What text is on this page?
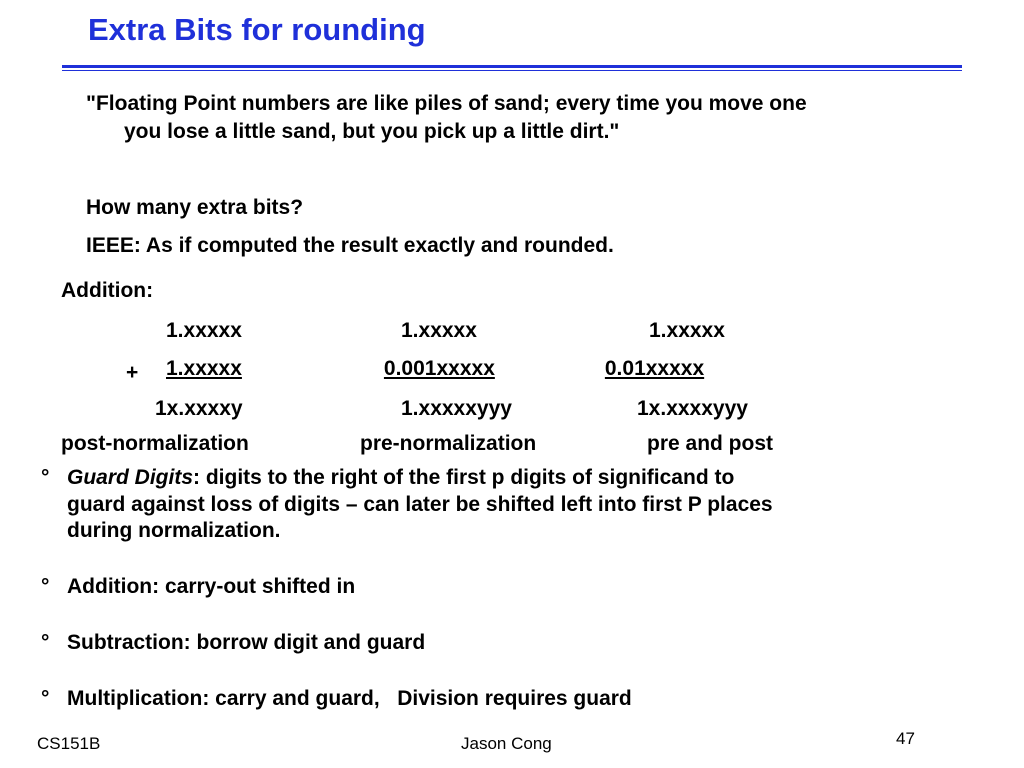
Extra Bits for rounding
"Floating Point numbers are like piles of sand; every time you move one
you lose a little sand, but you pick up a little dirt."
How many extra bits?
IEEE: As if computed the result exactly and rounded.
Addition:
1.xxxxx	1.xxxxx	1.xxxxx
+ 1.xxxxx	0.001xxxxx	0.01xxxxx
1x.xxxxy	1.xxxxxyyy	1x.xxxxyyy
post-normalization	pre-normalization	pre and post
° Guard Digits: digits to the right of the first p digits of significand to
guard against loss of digits – can later be shifted left into first P places
during normalization.
° Addition: carry-out shifted in
° Subtraction: borrow digit and guard
° Multiplication: carry and guard,   Division requires guard
CS151B	Jason Cong	47
